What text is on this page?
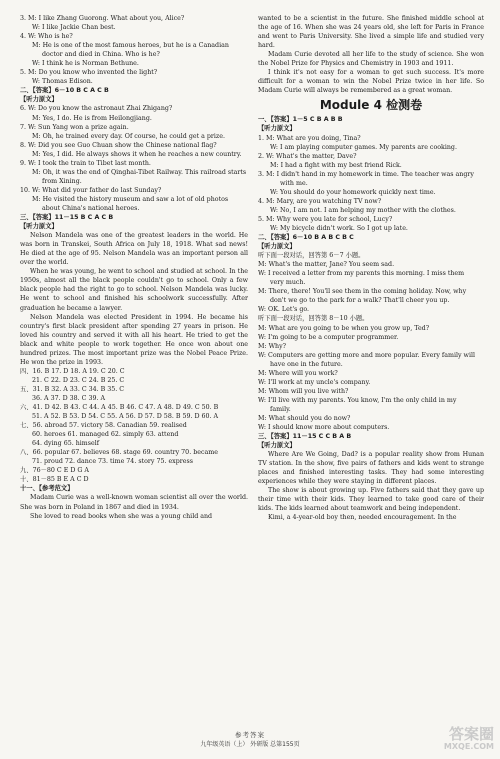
3. M: I like Zhang Guorong. What about you, Alice?
W: I like Jackie Chan best.
4. W: Who is he?
M: He is one of the most famous heroes, but he is a Canadian
doctor and died in China. Who is he?
W: I think he is Norman Bethune.
5. M: Do you know who invented the light?
W: Thomas Edison.
二、【答案】6－10 B C A C B
【听力原文】
6. W: Do you know the astronaut Zhai Zhigang?
M: Yes, I do. He is from Heilongjiang.
7. W: Sun Yang won a prize again.
M: Oh, he trained every day. Of course, he could get a prize.
8. W: Did you see Guo Chuan show the Chinese national flag?
M: Yes, I did. He always shows it when he reaches a new country.
9. W: I took the train to Tibet last month.
M: Oh, it was the end of Qinghai-Tibet Railway. This railroad starts
from Xining.
10. W: What did your father do last Sunday?
M: He visited the history museum and saw a lot of old photos
about China's national heroes.
三、【答案】11－15 B C A C B
【听力原文】
Nelson Mandela was one of the greatest leaders in the world. He was born in Transkei, South Africa on July 18, 1918. What sad news! He died at the age of 95. Nelson Mandela was an important person all over the world.
When he was young, he went to school and studied at school. In the 1950s, almost all the black people couldn't go to school. Only a few black people had the right to go to school. Nelson Mandela was lucky. He went to school and finished his schoolwork successfully. After graduation he became a lawyer.
Nelson Mandela was elected President in 1994. He became his country's first black president after spending 27 years in prison. He loved his country and served it with all his heart. He tried to get the black and white people to work together. He once won about one hundred prizes. The most important prize was the Nobel Peace Prize. He won the prize in 1993.
四、16. B 17. D 18. A 19. C 20. C
21. C 22. D 23. C 24. B 25. C
五、31. B 32. A 33. C 34. B 35. C
36. A 37. D 38. C 39. A
六、41. D 42. B 43. C 44. A 45. B 46. C 47. A 48. D 49. C 50. B
51. A 52. B 53. D 54. C 55. A 56. D 57. D 58. B 59. D 60. A
七、56. abroad 57. victory 58. Canadian 59. realised
60. heroes 61. managed 62. simply 63. attend
64. dying 65. himself
八、66. popular 67. believes 68. stage 69. country 70. became
71. proud 72. dance 73. time 74. story 75. express
九、76－80 C E D G A
十、81－85 B E A C D
十一、【参考范文】
Madam Curie was a well-known woman scientist all over the world. She was born in Poland in 1867 and died in 1934.
She loved to read books when she was a young child and
wanted to be a scientist in the future. She finished middle school at the age of 16. When she was 24 years old, she left for Paris in France and went to Paris University. She lived a simple life and studied very hard.
Madam Curie devoted all her life to the study of science. She won the Nobel Prize for Physics and Chemistry in 1903 and 1911.
I think it's not easy for a woman to get such success. It's more difficult for a woman to win the Nobel Prize twice in her life. So Madam Curie will always be remembered as a great woman.
Module 4 检测卷
一、【答案】1－5 C B A B B
【听力原文】
1. M: What are you doing, Tina?
W: I am playing computer games. My parents are cooking.
2. W: What's the matter, Dave?
M: I had a fight with my best friend Rick.
3. M: I didn't hand in my homework in time. The teacher was angry
with me.
W: You should do your homework quickly next time.
4. M: Mary, are you watching TV now?
W: No, I am not. I am helping my mother with the clothes.
5. M: Why were you late for school, Lucy?
W: My bicycle didn't work. So I got up late.
二、【答案】6－10 B A B C B C
【听力原文】
听下面一段对话，回答第 6－7 小题。
M: What's the matter, Jane? You seem sad.
W: I received a letter from my parents this morning. I miss them
very much.
M: There, there! You'll see them in the coming holiday. Now, why
don't we go to the park for a walk? That'll cheer you up.
W: OK. Let's go.
听下面一段对话，回答第 8－10 小题。
M: What are you going to be when you grow up, Ted?
W: I'm going to be a computer programmer.
M: Why?
W: Computers are getting more and more popular. Every family will
have one in the future.
M: Where will you work?
W: I'll work at my uncle's company.
M: Whom will you live with?
W: I'll live with my parents. You know, I'm the only child in my
family.
M: What should you do now?
W: I should know more about computers.
三、【答案】11－15 C C B A B
【听力原文】
Where Are We Going, Dad? is a popular reality show from Hunan TV station. In the show, five pairs of fathers and kids went to strange places and finished interesting tasks. They had some interesting experiences while they were staying in different places.
The show is about growing up. Five fathers said that they gave up their time with their kids. They learned to take good care of their kids. The kids learned about teamwork and being independent.
Kimi, a 4-year-old boy then, needed encouragement. In the
参考答案
九年级英语（上） 外研版 总第155页
答案圈
MXQE.COM
